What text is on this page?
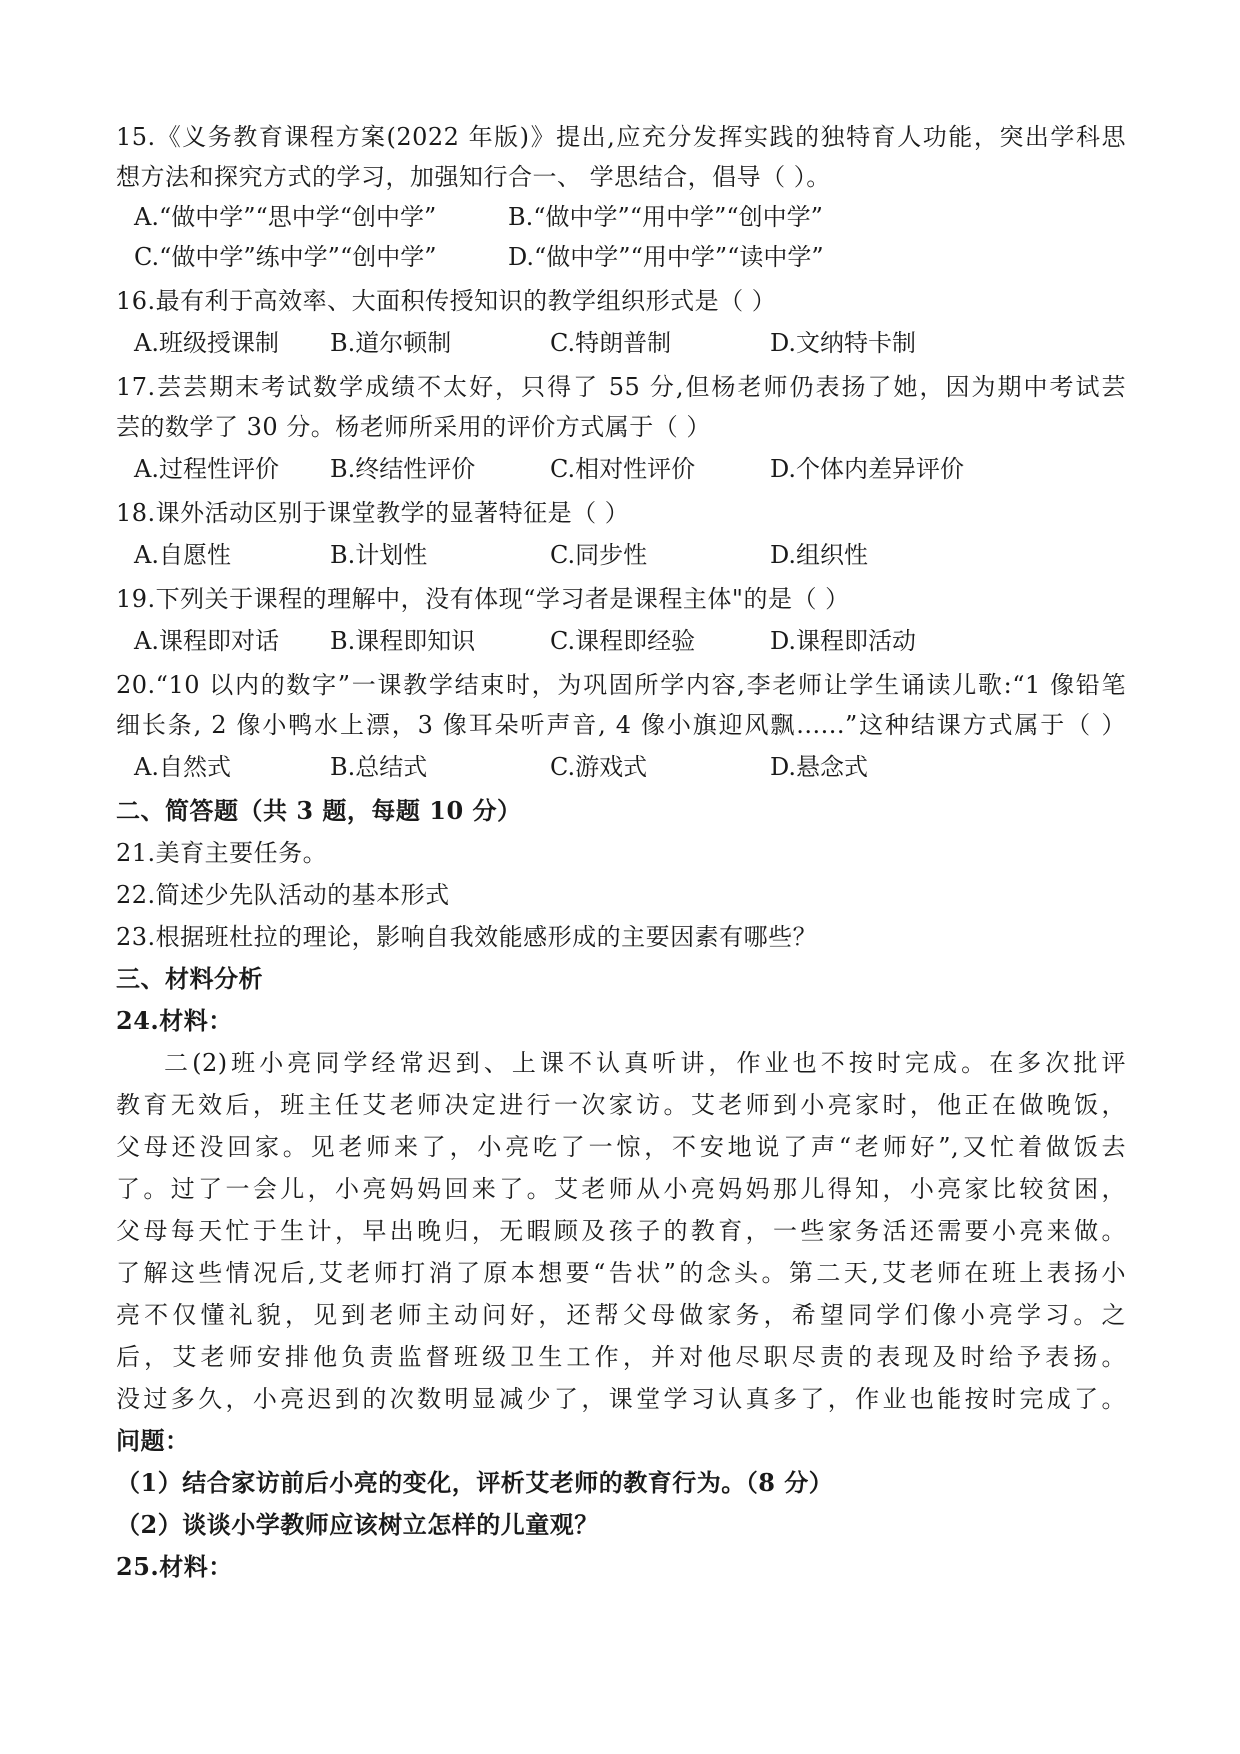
15.《义务教育课程方案(2022 年版)》提出,应充分发挥实践的独特育人功能，突出学科思
想方法和探究方式的学习，加强知行合一、 学思结合，倡导（ ）。
A.“做中学”“思中学“创中学”	B.“做中学”“用中学”“创中学”
C.“做中学”练中学”“创中学”	D.“做中学”“用中学”“读中学”
16.最有利于高效率、大面积传授知识的教学组织形式是（ ）
A.班级授课制 B.道尔顿制	C.特朗普制	D.文纳特卡制
17.芸芸期末考试数学成绩不太好，只得了 55 分,但杨老师仍表扬了她，因为期中考试芸
芸的数学了 30 分。杨老师所采用的评价方式属于（ ）
A.过程性评价 B.终结性评价	C.相对性评价	D.个体内差异评价
18.课外活动区别于课堂教学的显著特征是（ ）
A.自愿性	B.计划性	C.同步性	D.组织性
19.下列关于课程的理解中，没有体现“学习者是课程主体"的是（ ）
A.课程即对话 B.课程即知识	C.课程即经验	D.课程即活动
20.“10 以内的数字”一课教学结束时，为巩固所学内容,李老师让学生诵读儿歌:“1 像铅笔
细长条, 2 像小鸭水上漂，3 像耳朵听声音, 4 像小旗迎风飘......”这种结课方式属于（ ）
A.自然式	B.总结式	C.游戏式	D.悬念式
二、简答题（共 3 题，每题 10 分）
21.美育主要任务。
22.简述少先队活动的基本形式
23.根据班杜拉的理论，影响自我效能感形成的主要因素有哪些？
三、材料分析
24.材料：
二(2)班小亮同学经常迟到、上课不认真听讲，作业也不按时完成。在多次批评
教育无效后，班主任艾老师决定进行一次家访。艾老师到小亮家时，他正在做晚饭，
父母还没回家。见老师来了，小亮吃了一惊，不安地说了声“老师好”,又忙着做饭去
了。过了一会儿，小亮妈妈回来了。艾老师从小亮妈妈那儿得知，小亮家比较贫困，
父母每天忙于生计，早出晚归，无暇顾及孩子的教育，一些家务活还需要小亮来做。
了解这些情况后,艾老师打消了原本想要“告状”的念头。第二天,艾老师在班上表扬小
亮不仅懂礼貌，见到老师主动问好，还帮父母做家务，希望同学们像小亮学习。之
后，艾老师安排他负责监督班级卫生工作，并对他尽职尽责的表现及时给予表扬。
没过多久，小亮迟到的次数明显减少了，课堂学习认真多了，作业也能按时完成了。
问题：
（1）结合家访前后小亮的变化，评析艾老师的教育行为。（8 分）
（2）谈谈小学教师应该树立怎样的儿童观？
25.材料：
